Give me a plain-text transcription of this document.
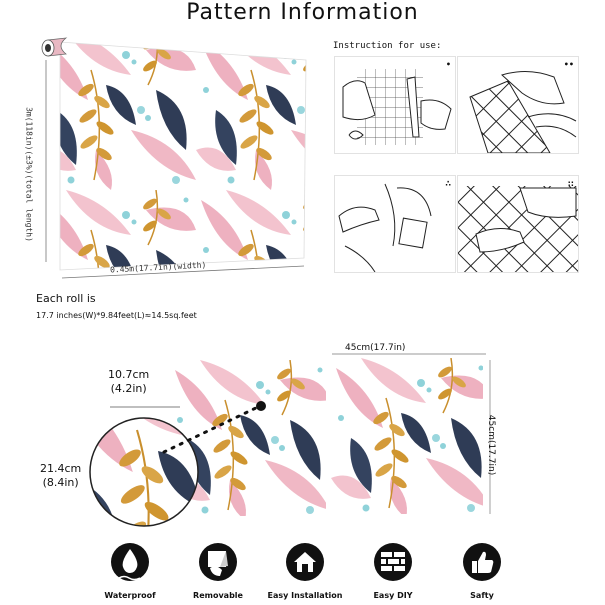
Pattern Information
3m(118in)(±3%)(total length)
0.45m(17.7in)(width)
Each roll is
17.7 inches(W)*9.84feet(L)≈14.5sq.feet
Instruction for use:
•	••
∴	::
45cm(17.7in)
45cm(17.7in)
10.7cm
(4.2in)
21.4cm
(8.4in)
Waterproof	Removable	Easy Installation	Easy DIY	Safty
